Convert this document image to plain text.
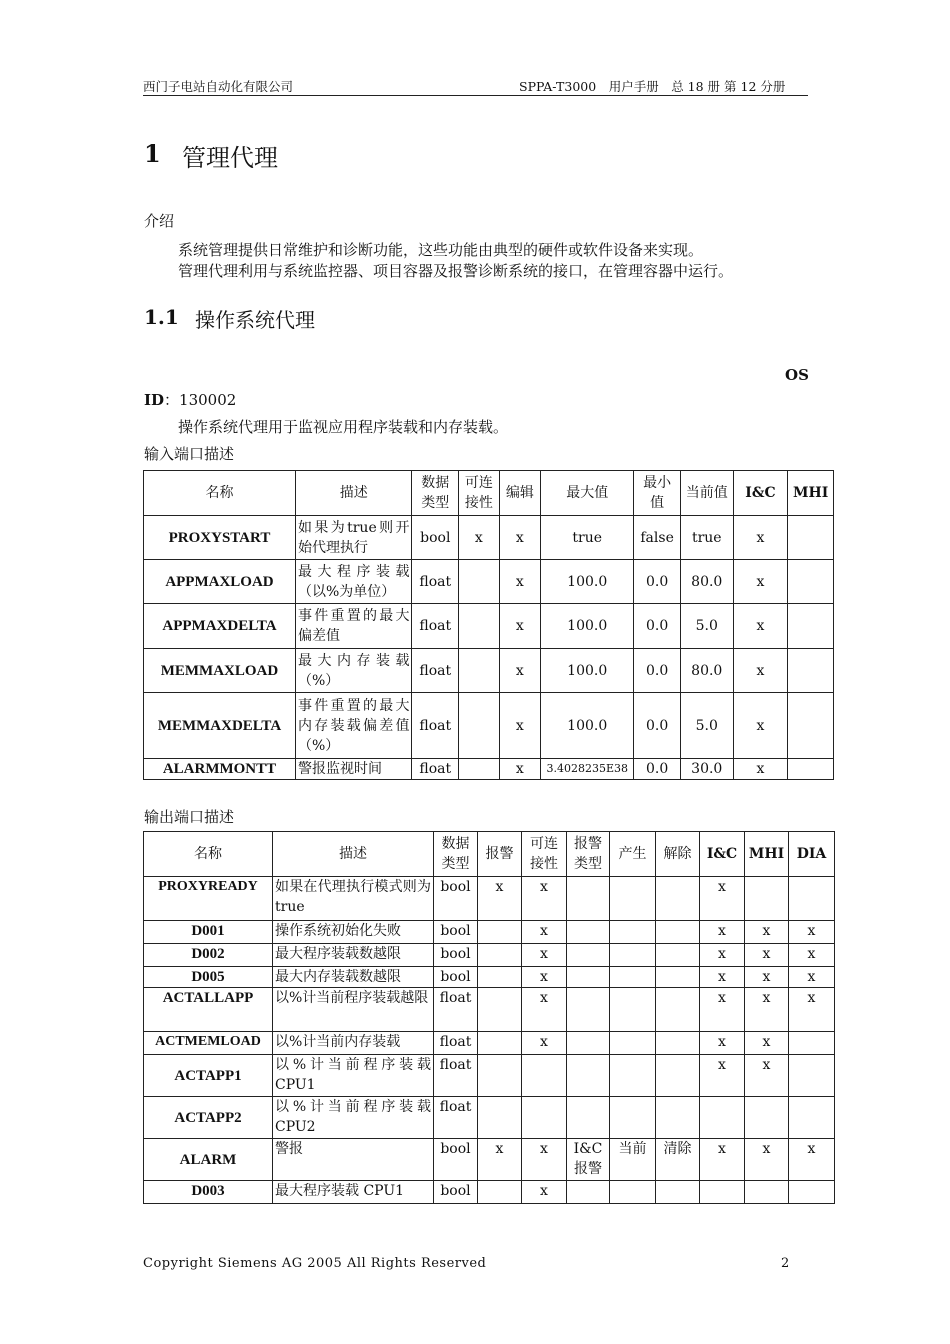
西门子电站自动化有限公司	SPPA-T3000　用户手册　总 18 册 第 12 分册
1 管理代理
介绍
系统管理提供日常维护和诊断功能，这些功能由典型的硬件或软件设备来实现。
管理代理利用与系统监控器、项目容器及报警诊断系统的接口，在管理容器中运行。
1.1 操作系统代理
OS
ID：130002
操作系统代理用于监视应用程序装载和内存装载。
输入端口描述
名称	描述	数据类型	可连接性	编辑	最大值	最小值	当前值	I&C	MHI
PROXYSTART	如果为true则开始代理执行	bool	x	x	true	false	true	x	
APPMAXLOAD	最大程序装载（以%为单位）	float		x	100.0	0.0	80.0	x	
APPMAXDELTA	事件重置的最大偏差值	float		x	100.0	0.0	5.0	x	
MEMMAXLOAD	最大内存装载（%）	float		x	100.0	0.0	80.0	x	
MEMMAXDELTA	事件重置的最大内存装载偏差值（%）	float		x	100.0	0.0	5.0	x	
ALARMMONTT	警报监视时间	float		x	3.4028235E38	0.0	30.0	x	
输出端口描述
名称	描述	数据类型	报警	可连接性	报警类型	产生	解除	I&C	MHI	DIA
PROXYREADY	如果在代理执行模式则为true	bool	x	x				x		
D001	操作系统初始化失败	bool		x				x	x	x
D002	最大程序装载数越限	bool		x				x	x	x
D005	最大内存装载数越限	bool		x				x	x	x
ACTALLAPP	以%计当前程序装载越限	float		x				x	x	x
ACTMEMLOAD	以%计当前内存装载	float		x				x	x	
ACTAPP1	以%计当前程序装载CPU1	float						x	x	
ACTAPP2	以%计当前程序装载CPU2	float								
ALARM	警报	bool	x	x	I&C报警	当前	清除	x	x	x
D003	最大程序装载 CPU1	bool		x						
Copyright Siemens AG 2005 All Rights Reserved	2
